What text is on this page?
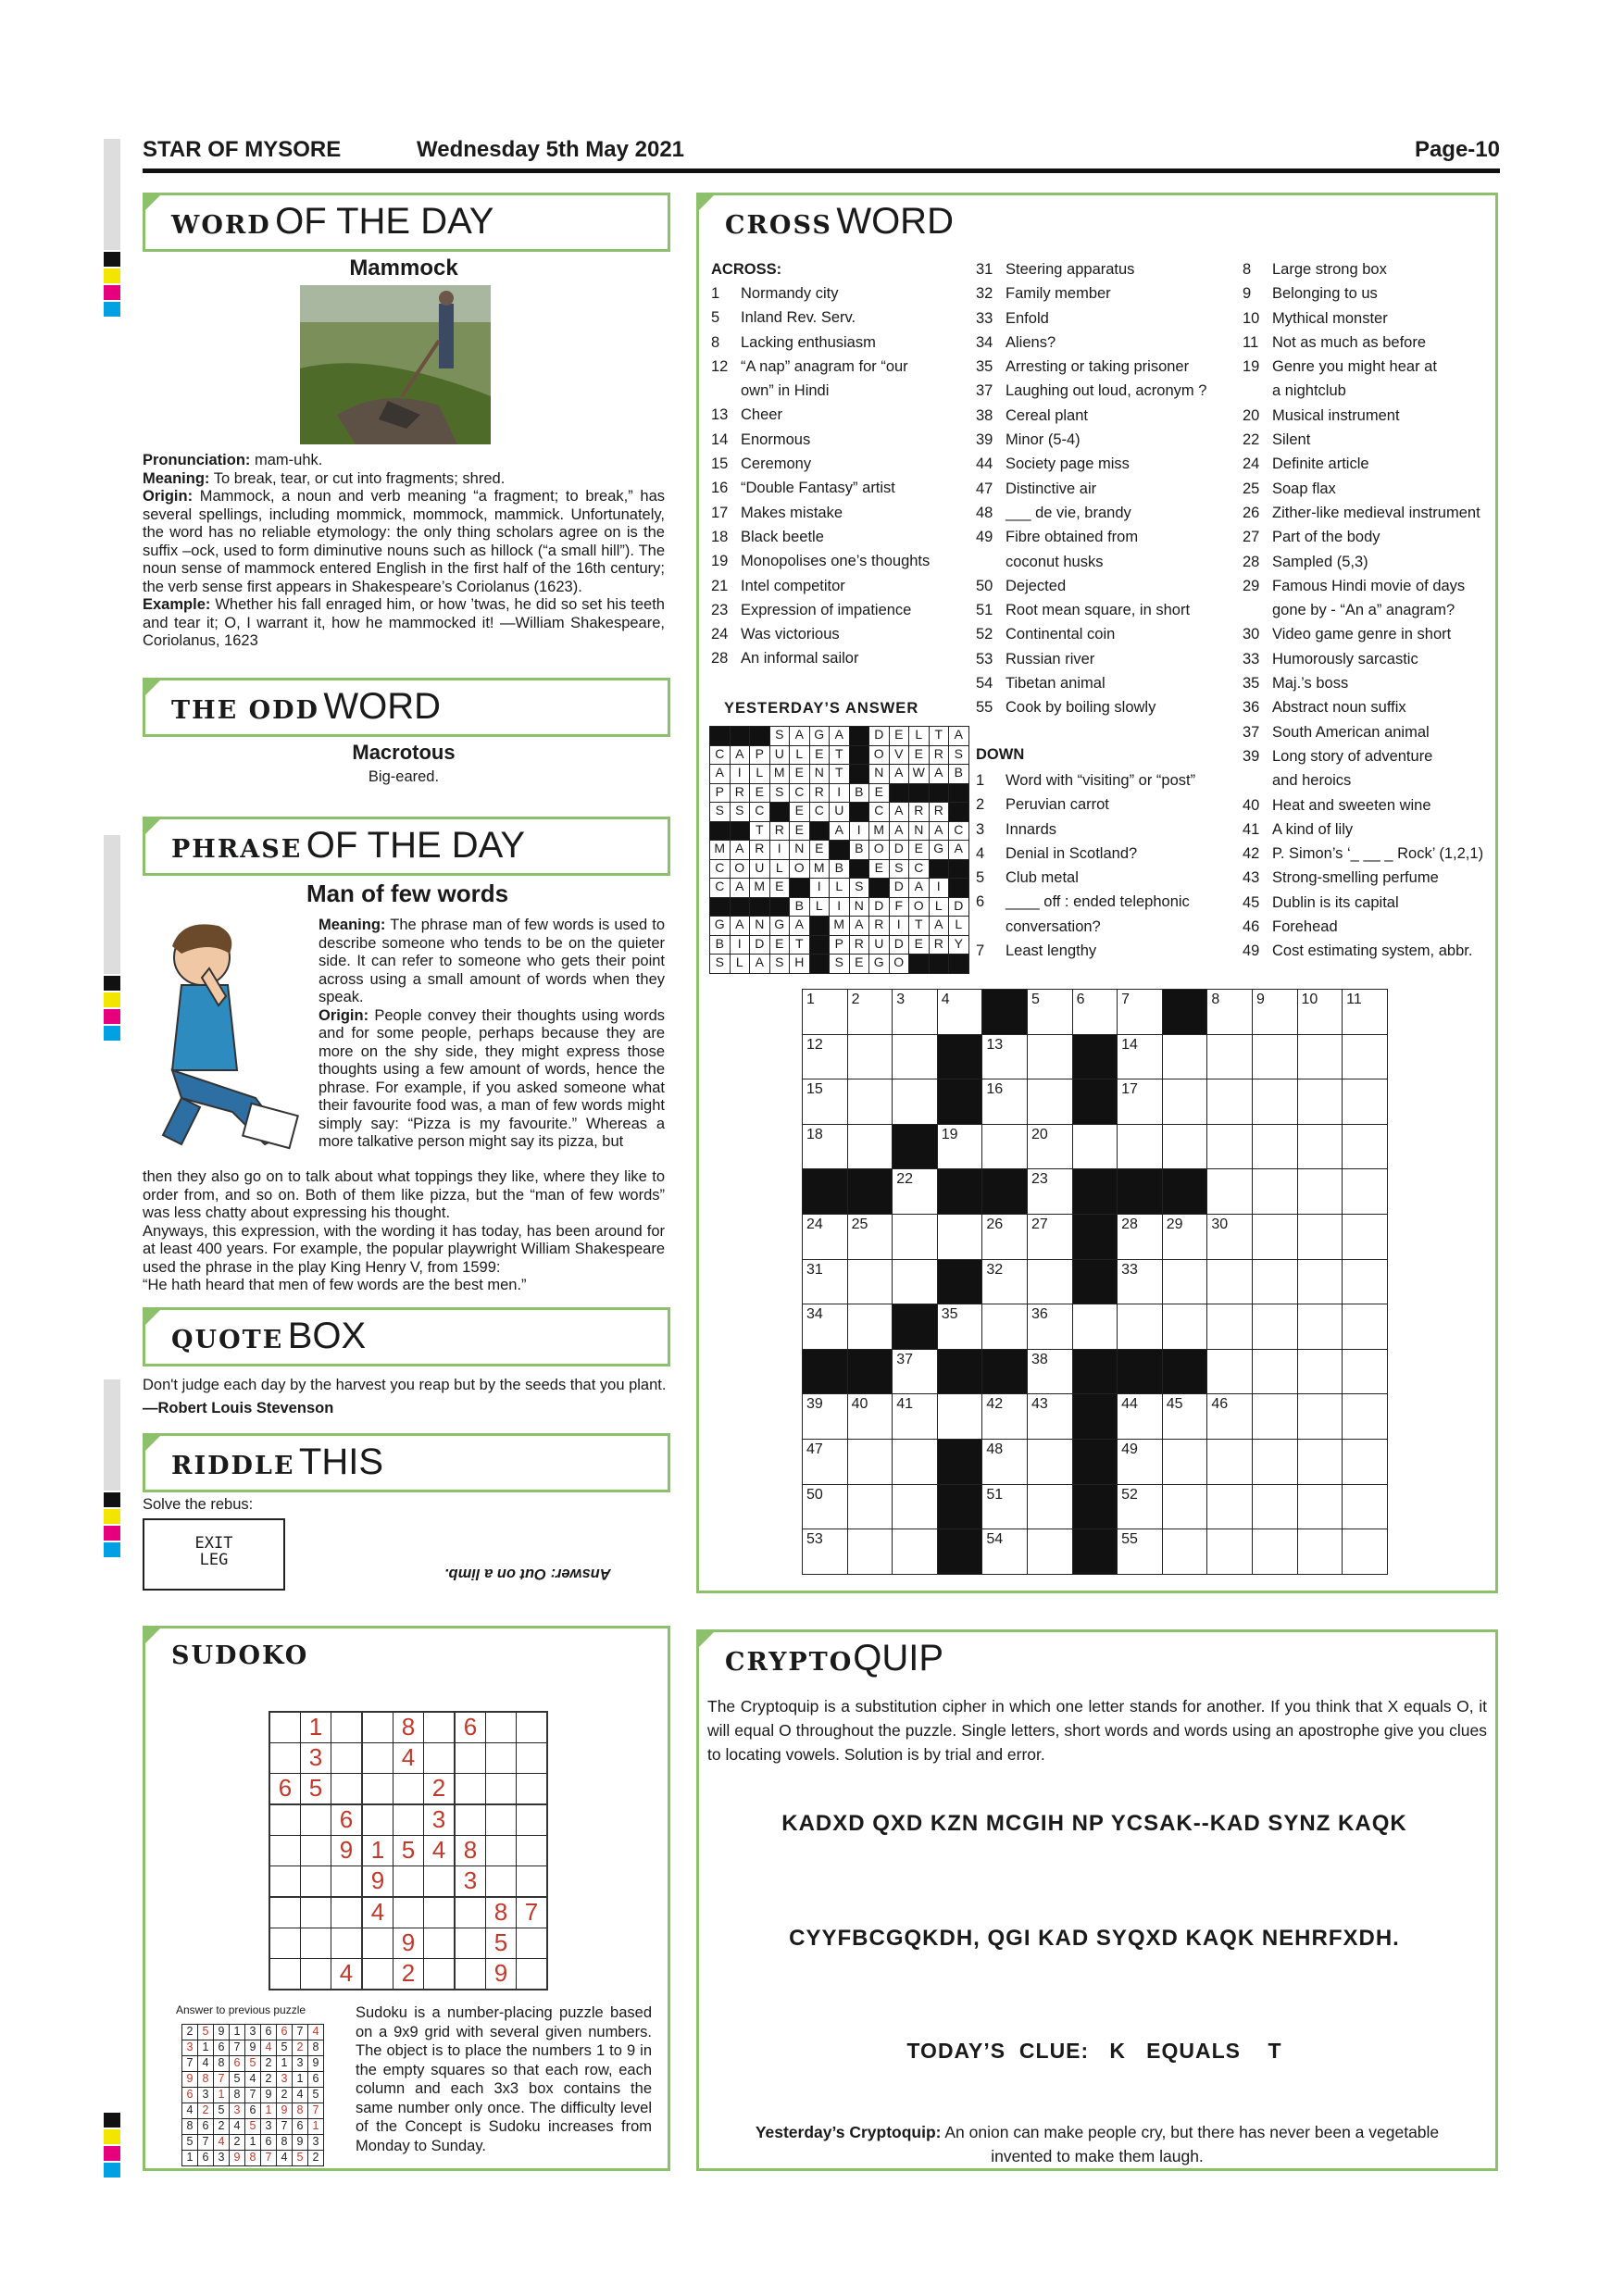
STAR OF MYSORE	Wednesday 5th May 2021	Page-10
WORD OF THE DAY
Mammock
Pronunciation: mam-uhk.
Meaning: To break, tear, or cut into fragments; shred.
Origin: Mammock, a noun and verb meaning “a fragment; to break,” has several spellings, including mommick, mommock, mammick. Unfortunately, the word has no reliable etymology: the only thing scholars agree on is the suffix –ock, used to form diminutive nouns such as hillock (“a small hill”). The noun sense of mammock entered English in the first half of the 16th century; the verb sense first appears in Shakespeare’s Coriolanus (1623).
Example: Whether his fall enraged him, or how ’twas, he did so set his teeth and tear it; O, I warrant it, how he mammocked it! —William Shakespeare, Coriolanus, 1623
THE ODD WORD
Macrotous
Big-eared.
PHRASE OF THE DAY
Man of few words
Meaning: The phrase man of few words is used to describe someone who tends to be on the quieter side. It can refer to someone who gets their point across using a small amount of words when they speak.
Origin: People convey their thoughts using words and for some people, perhaps because they are more on the shy side, they might express those thoughts using a few amount of words, hence the phrase. For example, if you asked someone what their favourite food was, a man of few words might simply say: “Pizza is my favourite.” Whereas a more talkative person might say its pizza, but
then they also go on to talk about what toppings they like, where they like to order from, and so on. Both of them like pizza, but the “man of few words” was less chatty about expressing his thought.
Anyways, this expression, with the wording it has today, has been around for at least 400 years. For example, the popular playwright William Shakespeare used the phrase in the play King Henry V, from 1599:
“He hath heard that men of few words are the best men.”
QUOTE BOX
Don't judge each day by the harvest you reap but by the seeds that you plant. —Robert Louis Stevenson
RIDDLE THIS
Solve the rebus:
EXIT
LEG
Answer: Out on a limb.
SUDOKO
	1			8		6		
	3			4				
6	5				2			
		6			3			
		9	1	5	4	8		
			9			3		
			4				8	7
				9			5	
		4		2			9	
Answer to previous puzzle
2	5	9	1	3	6	6	7	4
3	1	6	7	9	4	5	2	8
7	4	8	6	5	2	1	3	9
9	8	7	5	4	2	3	1	6
6	3	1	8	7	9	2	4	5
4	2	5	3	6	1	9	8	7
8	6	2	4	5	3	7	6	1
5	7	4	2	1	6	8	9	3
1	6	3	9	8	7	4	5	2
Sudoku is a number-placing puzzle based on a 9x9 grid with several given numbers. The object is to place the numbers 1 to 9 in the empty squares so that each row, each column and each 3x3 box contains the same number only once. The difficulty level of the Concept is Sudoku increases from Monday to Sunday.
CROSS WORD
ACROSS:
1 Normandy city
5 Inland Rev. Serv.
8 Lacking enthusiasm
12 “A nap” anagram for “our
own” in Hindi
13 Cheer
14 Enormous
15 Ceremony
16 “Double Fantasy” artist
17 Makes mistake
18 Black beetle
19 Monopolises one’s thoughts
21 Intel competitor
23 Expression of impatience
24 Was victorious
28 An informal sailor
31 Steering apparatus
32 Family member
33 Enfold
34 Aliens?
35 Arresting or taking prisoner
37 Laughing out loud, acronym ?
38 Cereal plant
39 Minor (5-4)
44 Society page miss
47 Distinctive air
48 ___ de vie, brandy
49 Fibre obtained from
coconut husks
50 Dejected
51 Root mean square, in short
52 Continental coin
53 Russian river
54 Tibetan animal
55 Cook by boiling slowly
DOWN
1 Word with “visiting” or “post”
2 Peruvian carrot
3 Innards
4 Denial in Scotland?
5 Club metal
6 ____ off : ended telephonic
conversation?
7 Least lengthy
8 Large strong box
9 Belonging to us
10 Mythical monster
11 Not as much as before
19 Genre you might hear at
a nightclub
20 Musical instrument
22 Silent
24 Definite article
25 Soap flax
26 Zither-like medieval instrument
27 Part of the body
28 Sampled (5,3)
29 Famous Hindi movie of days
gone by - “An a” anagram?
30 Video game genre in short
33 Humorously sarcastic
35 Maj.’s boss
36 Abstract noun suffix
37 South American animal
39 Long story of adventure
and heroics
40 Heat and sweeten wine
41 A kind of lily
42 P. Simon’s ‘_ __ _ Rock’ (1,2,1)
43 Strong-smelling perfume
45 Dublin is its capital
46 Forehead
49 Cost estimating system, abbr.
YESTERDAY’S ANSWER
			S	A	G	A		D	E	L	T	A
C	A	P	U	L	E	T		O	V	E	R	S
A	I	L	M	E	N	T		N	A	W	A	B
P	R	E	S	C	R	I	B	E				
S	S	C		E	C	U		C	A	R	R	
		T	R	E		A	I	M	A	N	A	C
M	A	R	I	N	E		B	O	D	E	G	A
C	O	U	L	O	M	B		E	S	C		
C	A	M	E		I	L	S		D	A	I	
				B	L	I	N	D	F	O	L	D
G	A	N	G	A		M	A	R	I	T	A	L
B	I	D	E	T		P	R	U	D	E	R	Y
S	L	A	S	H		S	E	G	O			
1	2	3	4		5	6	7		8	9	10	11

12				13			14					

15				16			17					

18			19		20							

		22			23							

24	25			26	27		28	29	30			

31				32			33					

34			35		36							

		37			38							

39	40	41		42	43		44	45	46			

47				48			49					

50				51			52					

53				54			55					

CRYPTOQUIP
The Cryptoquip is a substitution cipher in which one letter stands for another. If you think that X equals O, it will equal O throughout the puzzle. Single letters, short words and words using an apostrophe give you clues to locating vowels. Solution is by trial and error.
KADXD QXD KZN MCGIH NP YCSAK--KAD SYNZ KAQK
CYYFBCGQKDH, QGI KAD SYQXD KAQK NEHRFXDH.
TODAY’S  CLUE:   K   EQUALS    T
Yesterday’s Cryptoquip: An onion can make people cry, but there has never been a vegetable invented to make them laugh.
